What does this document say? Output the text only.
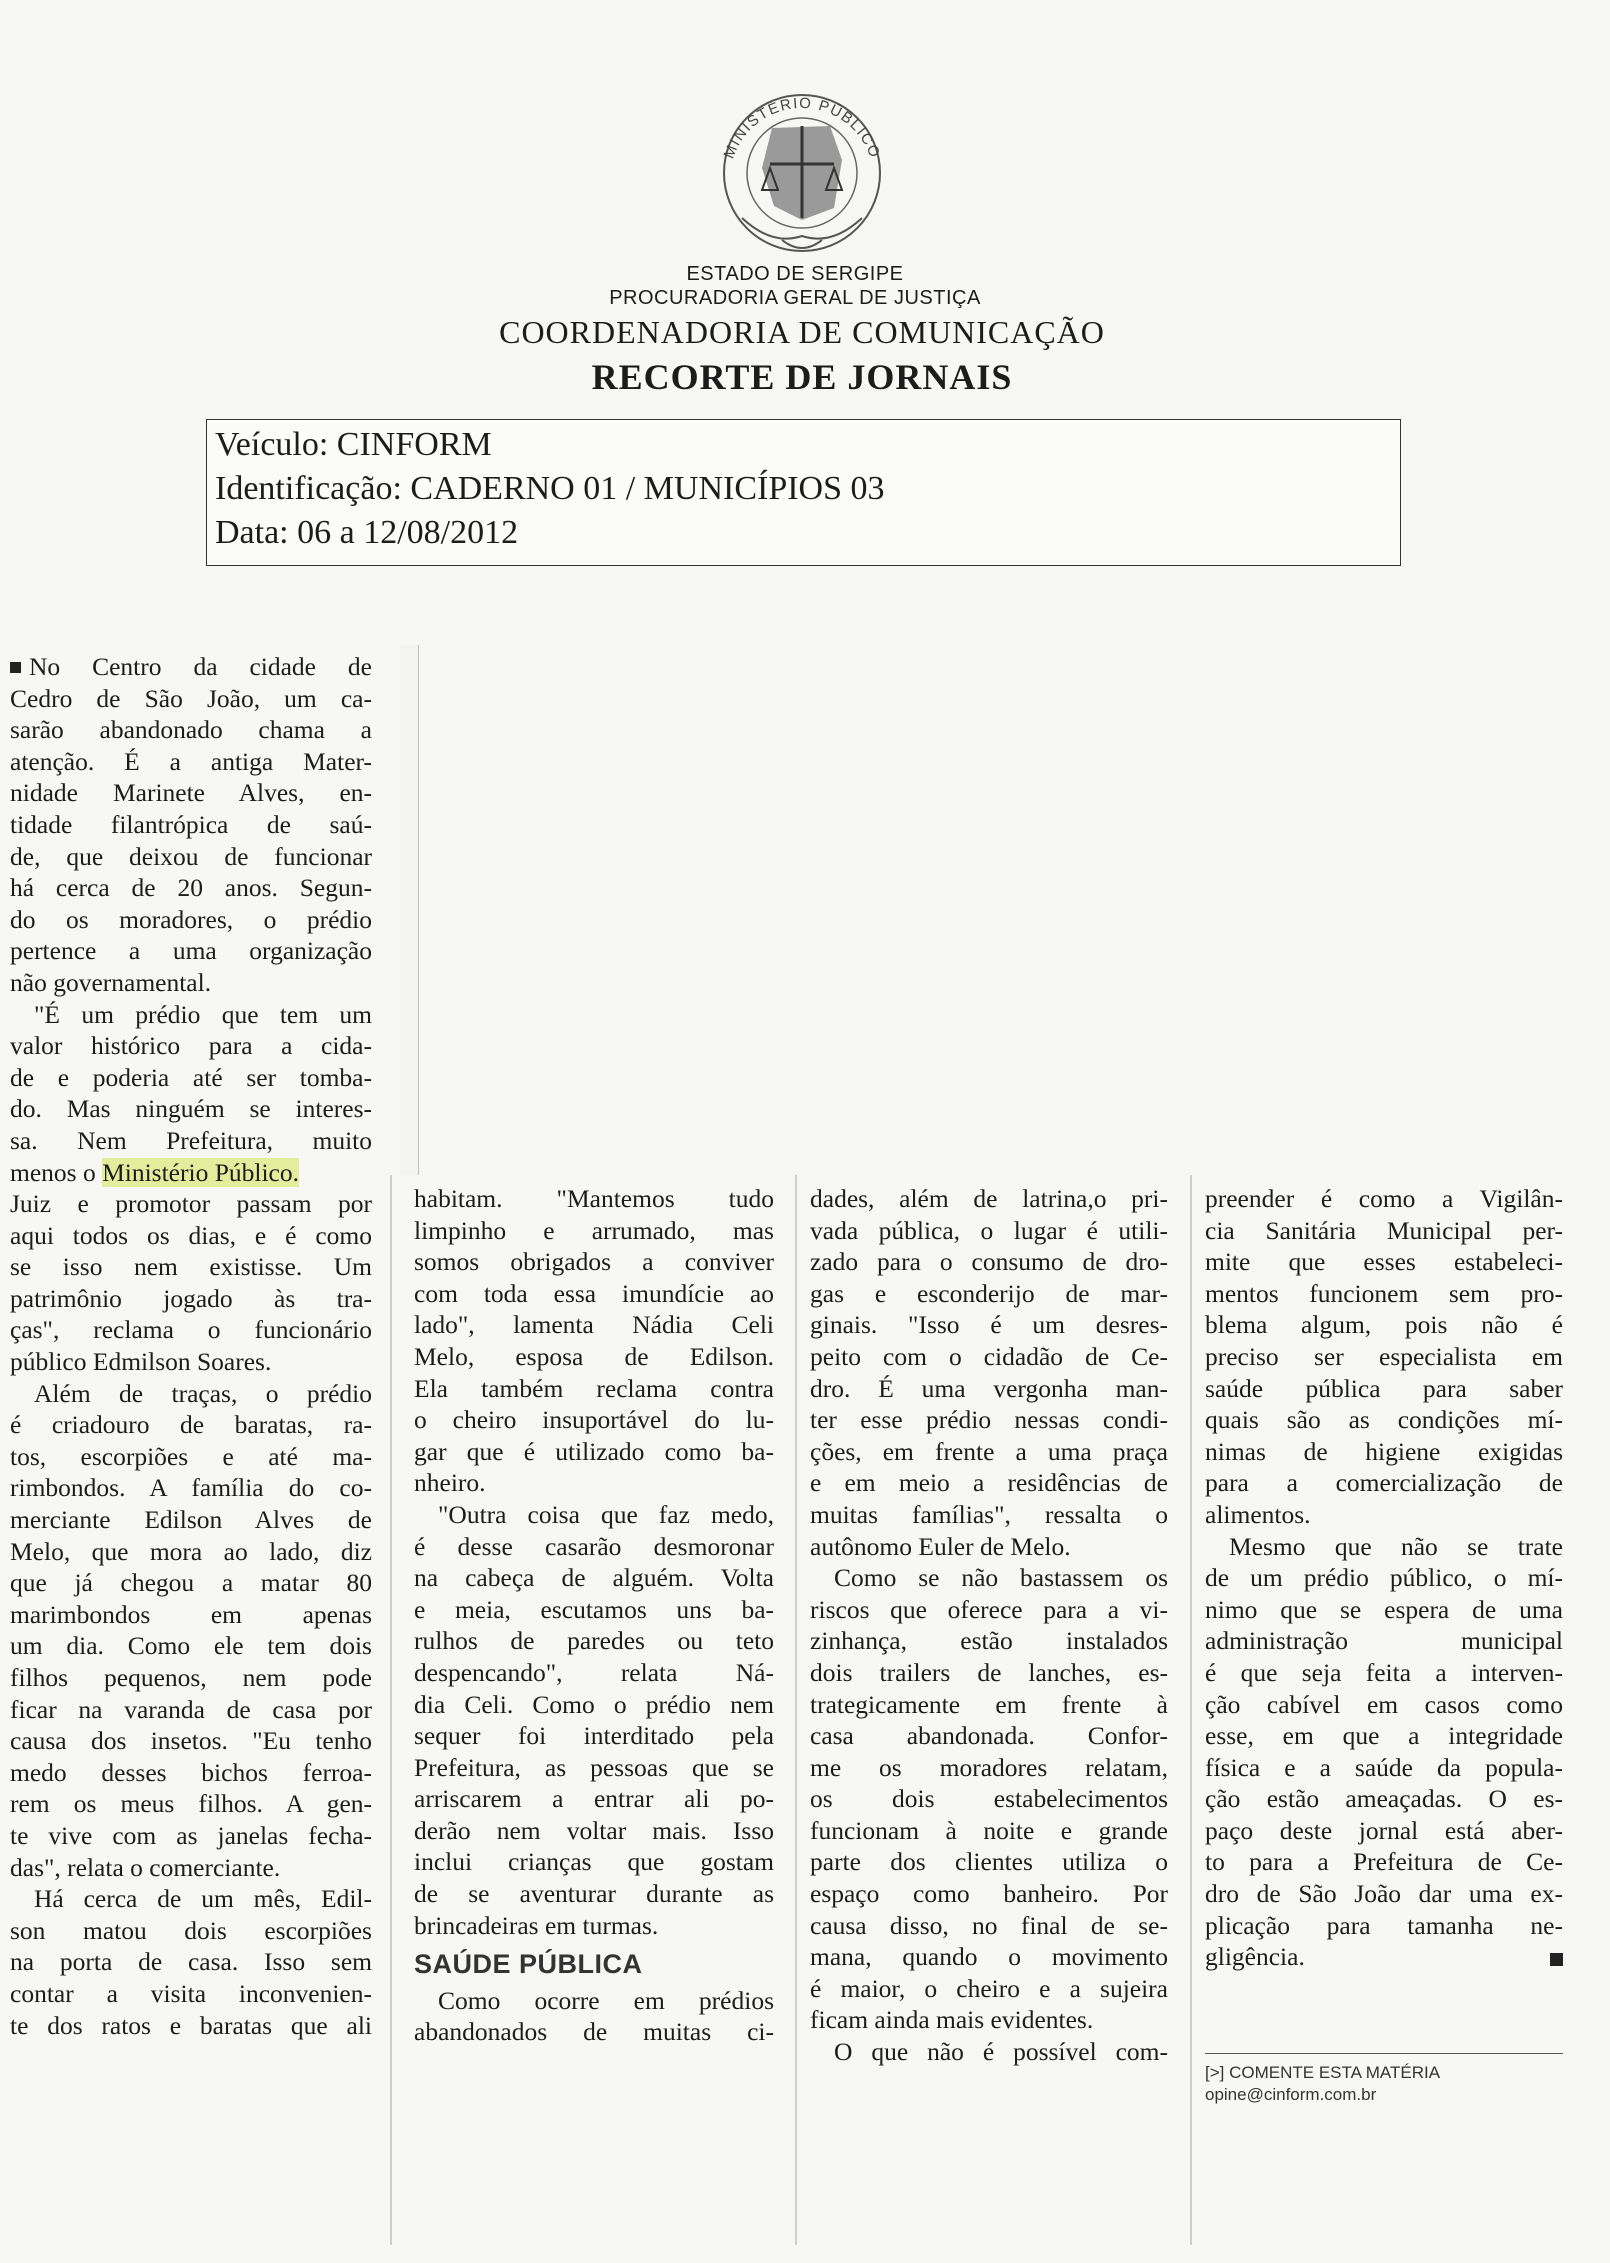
MINISTÉRIO PÚBLICO
ESTADO DE SERGIPE
PROCURADORIA GERAL DE JUSTIÇA
COORDENADORIA DE COMUNICAÇÃO
RECORTE DE JORNAIS
Veículo: CINFORM
Identificação: CADERNO 01 / MUNICÍPIOS 03
Data: 06 a 12/08/2012

No Centro da cidade de

Cedro de São João, um ca-

sarão abandonado chama a

atenção. É a antiga Mater-

nidade Marinete Alves, en-

tidade filantrópica de saú-

de, que deixou de funcionar

há cerca de 20 anos. Segun-

do os moradores, o prédio

pertence a uma organização

não governamental.

"É um prédio que tem um

valor histórico para a cida-

de e poderia até ser tomba-

do. Mas ninguém se interes-

sa. Nem Prefeitura, muito

menos o Ministério Público.

Juiz e promotor passam por

aqui todos os dias, e é como

se isso nem existisse. Um

patrimônio jogado às tra-

ças", reclama o funcionário

público Edmilson Soares.

Além de traças, o prédio

é criadouro de baratas, ra-

tos, escorpiões e até ma-

rimbondos. A família do co-

merciante Edilson Alves de

Melo, que mora ao lado, diz

que já chegou a matar 80

marimbondos em apenas

um dia. Como ele tem dois

filhos pequenos, nem pode

ficar na varanda de casa por

causa dos insetos. "Eu tenho

medo desses bichos ferroa-

rem os meus filhos. A gen-

te vive com as janelas fecha-

das", relata o comerciante.

Há cerca de um mês, Edil-

son matou dois escorpiões

na porta de casa. Isso sem

contar a visita inconvenien-

te dos ratos e baratas que ali

habitam. "Mantemos tudo

limpinho e arrumado, mas

somos obrigados a conviver

com toda essa imundície ao

lado", lamenta Nádia Celi

Melo, esposa de Edilson.

Ela também reclama contra

o cheiro insuportável do lu-

gar que é utilizado como ba-

nheiro.

"Outra coisa que faz medo,

é desse casarão desmoronar

na cabeça de alguém. Volta

e meia, escutamos uns ba-

rulhos de paredes ou teto

despencando", relata Ná-

dia Celi. Como o prédio nem

sequer foi interditado pela

Prefeitura, as pessoas que se

arriscarem a entrar ali po-

derão nem voltar mais. Isso

inclui crianças que gostam

de se aventurar durante as

brincadeiras em turmas.

SAÚDE PÚBLICA

Como ocorre em prédios

abandonados de muitas ci-

dades, além de latrina,o pri-

vada pública, o lugar é utili-

zado para o consumo de dro-

gas e esconderijo de mar-

ginais. "Isso é um desres-

peito com o cidadão de Ce-

dro. É uma vergonha man-

ter esse prédio nessas condi-

ções, em frente a uma praça

e em meio a residências de

muitas famílias", ressalta o

autônomo Euler de Melo.

Como se não bastassem os

riscos que oferece para a vi-

zinhança, estão instalados

dois trailers de lanches, es-

trategicamente em frente à

casa abandonada. Confor-

me os moradores relatam,

os dois estabelecimentos

funcionam à noite e grande

parte dos clientes utiliza o

espaço como banheiro. Por

causa disso, no final de se-

mana, quando o movimento

é maior, o cheiro e a sujeira

ficam ainda mais evidentes.

O que não é possível com-

preender é como a Vigilân-

cia Sanitária Municipal per-

mite que esses estabeleci-

mentos funcionem sem pro-

blema algum, pois não é

preciso ser especialista em

saúde pública para saber

quais são as condições mí-

nimas de higiene exigidas

para a comercialização de

alimentos.

Mesmo que não se trate

de um prédio público, o mí-

nimo que se espera de uma

administração municipal

é que seja feita a interven-

ção cabível em casos como

esse, em que a integridade

física e a saúde da popula-

ção estão ameaçadas. O es-

paço deste jornal está aber-

to para a Prefeitura de Ce-

dro de São João dar uma ex-

plicação para tamanha ne-

gligência.

[>] COMENTE ESTA MATÉRIA
opine@cinform.com.br
